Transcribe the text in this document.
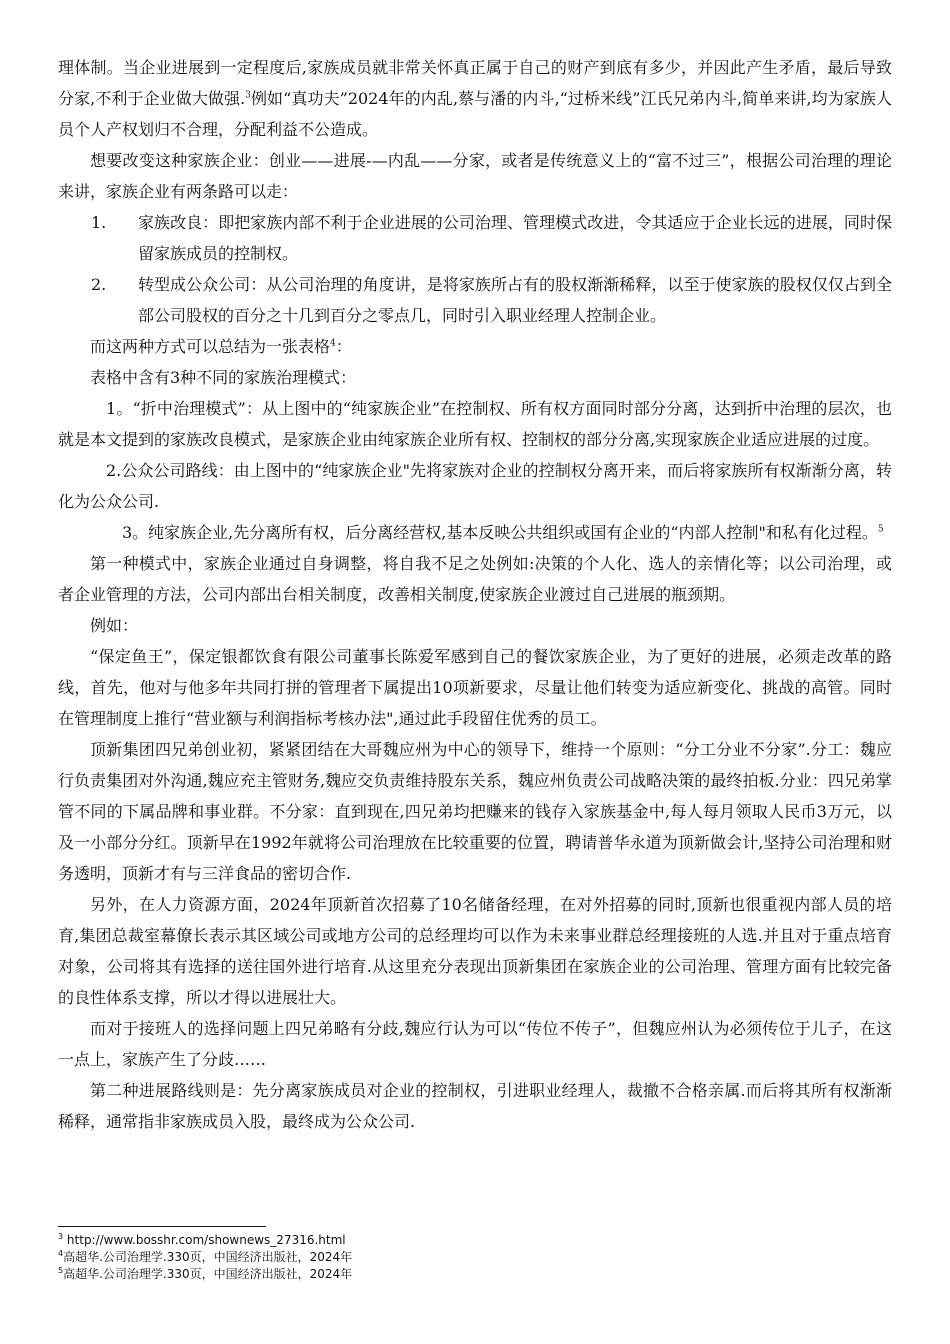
理体制。当企业进展到一定程度后,家族成员就非常关怀真正属于自己的财产到底有多少，并因此产生矛盾，最后导致分家,不利于企业做大做强.$^3$例如“真功夫”2024年的内乱,蔡与潘的内斗,“过桥米线”江氏兄弟内斗,简单来讲,均为家族人员个人产权划归不合理，分配利益不公造成。

想要改变这种家族企业：创业——进展-—内乱——分家，或者是传统意义上的“富不过三”，根据公司治理的理论来讲，家族企业有两条路可以走：

1.	家族改良：即把家族内部不利于企业进展的公司治理、管理模式改进，令其适应于企业长远的进展，同时保留家族成员的控制权。
2.	转型成公众公司：从公司治理的角度讲，是将家族所占有的股权渐渐稀释，以至于使家族的股权仅仅占到全部公司股权的百分之十几到百分之零点几，同时引入职业经理人控制企业。

而这两种方式可以总结为一张表格$^4$：

表格中含有3种不同的家族治理模式：

1。“折中治理模式”：从上图中的“纯家族企业”在控制权、所有权方面同时部分分离，达到折中治理的层次，也就是本文提到的家族改良模式，是家族企业由纯家族企业所有权、控制权的部分分离,实现家族企业适应进展的过度。

2.公众公司路线：由上图中的“纯家族企业"先将家族对企业的控制权分离开来，而后将家族所有权渐渐分离，转化为公众公司.

3。纯家族企业,先分离所有权，后分离经营权,基本反映公共组织或国有企业的“内部人控制"和私有化过程。$^5$

第一种模式中，家族企业通过自身调整，将自我不足之处例如:决策的个人化、选人的亲情化等；以公司治理，或者企业管理的方法，公司内部出台相关制度，改善相关制度,使家族企业渡过自己进展的瓶颈期。

例如：

“保定鱼王”，保定银都饮食有限公司董事长陈爱军感到自己的餐饮家族企业，为了更好的进展，必须走改革的路线，首先，他对与他多年共同打拼的管理者下属提出10项新要求，尽量让他们转变为适应新变化、挑战的高管。同时在管理制度上推行“营业额与利润指标考核办法",通过此手段留住优秀的员工。

顶新集团四兄弟创业初，紧紧团结在大哥魏应州为中心的领导下，维持一个原则：“分工分业不分家”.分工：魏应行负责集团对外沟通,魏应充主管财务,魏应交负责维持股东关系，魏应州负责公司战略决策的最终拍板.分业：四兄弟掌管不同的下属品牌和事业群。不分家：直到现在,四兄弟均把赚来的钱存入家族基金中,每人每月领取人民币3万元，以及一小部分分红。顶新早在1992年就将公司治理放在比较重要的位置，聘请普华永道为顶新做会计,坚持公司治理和财务透明，顶新才有与三洋食品的密切合作.

另外，在人力资源方面，2024年顶新首次招募了10名储备经理，在对外招募的同时,顶新也很重视内部人员的培育,集团总裁室幕僚长表示其区域公司或地方公司的总经理均可以作为未来事业群总经理接班的人选.并且对于重点培育对象，公司将其有选择的送往国外进行培育.从这里充分表现出顶新集团在家族企业的公司治理、管理方面有比较完备的良性体系支撑，所以才得以进展壮大。

而对于接班人的选择问题上四兄弟略有分歧,魏应行认为可以“传位不传子”，但魏应州认为必须传位于儿子，在这一点上，家族产生了分歧……

第二种进展路线则是：先分离家族成员对企业的控制权，引进职业经理人，裁撤不合格亲属.而后将其所有权渐渐稀释，通常指非家族成员入股，最终成为公众公司.

$^3$ http://www.bosshr.com/shownews_27316.html
$^4$高超华.公司治理学.330页，中国经济出版社，2024年
$^5$高超华.公司治理学.330页，中国经济出版社，2024年
